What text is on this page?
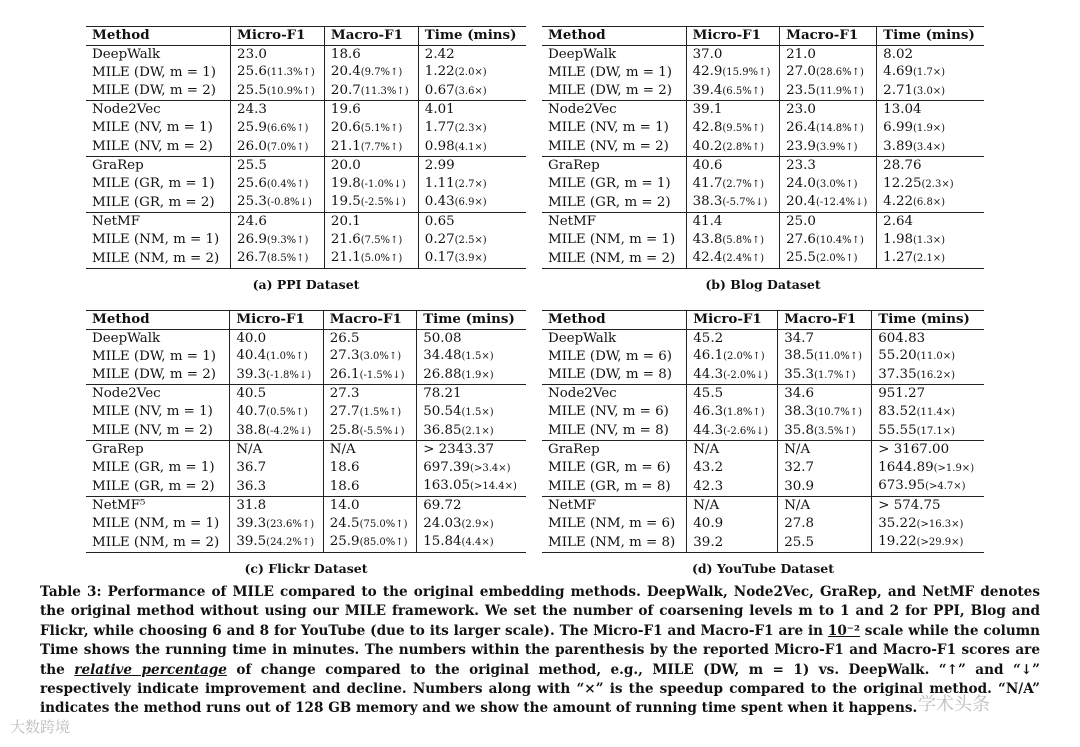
Method	Micro-F1	Macro-F1	Time (mins)
DeepWalk	23.0	18.6	2.42
MILE (DW, m = 1)	25.6(11.3%↑)	20.4(9.7%↑)	1.22(2.0×)
MILE (DW, m = 2)	25.5(10.9%↑)	20.7(11.3%↑)	0.67(3.6×)
Node2Vec	24.3	19.6	4.01
MILE (NV, m = 1)	25.9(6.6%↑)	20.6(5.1%↑)	1.77(2.3×)
MILE (NV, m = 2)	26.0(7.0%↑)	21.1(7.7%↑)	0.98(4.1×)
GraRep	25.5	20.0	2.99
MILE (GR, m = 1)	25.6(0.4%↑)	19.8(-1.0%↓)	1.11(2.7×)
MILE (GR, m = 2)	25.3(-0.8%↓)	19.5(-2.5%↓)	0.43(6.9×)
NetMF	24.6	20.1	0.65
MILE (NM, m = 1)	26.9(9.3%↑)	21.6(7.5%↑)	0.27(2.5×)
MILE (NM, m = 2)	26.7(8.5%↑)	21.1(5.0%↑)	0.17(3.9×)
(a) PPI Dataset
Method	Micro-F1	Macro-F1	Time (mins)
DeepWalk	37.0	21.0	8.02
MILE (DW, m = 1)	42.9(15.9%↑)	27.0(28.6%↑)	4.69(1.7×)
MILE (DW, m = 2)	39.4(6.5%↑)	23.5(11.9%↑)	2.71(3.0×)
Node2Vec	39.1	23.0	13.04
MILE (NV, m = 1)	42.8(9.5%↑)	26.4(14.8%↑)	6.99(1.9×)
MILE (NV, m = 2)	40.2(2.8%↑)	23.9(3.9%↑)	3.89(3.4×)
GraRep	40.6	23.3	28.76
MILE (GR, m = 1)	41.7(2.7%↑)	24.0(3.0%↑)	12.25(2.3×)
MILE (GR, m = 2)	38.3(-5.7%↓)	20.4(-12.4%↓)	4.22(6.8×)
NetMF	41.4	25.0	2.64
MILE (NM, m = 1)	43.8(5.8%↑)	27.6(10.4%↑)	1.98(1.3×)
MILE (NM, m = 2)	42.4(2.4%↑)	25.5(2.0%↑)	1.27(2.1×)
(b) Blog Dataset
Method	Micro-F1	Macro-F1	Time (mins)
DeepWalk	40.0	26.5	50.08
MILE (DW, m = 1)	40.4(1.0%↑)	27.3(3.0%↑)	34.48(1.5×)
MILE (DW, m = 2)	39.3(-1.8%↓)	26.1(-1.5%↓)	26.88(1.9×)
Node2Vec	40.5	27.3	78.21
MILE (NV, m = 1)	40.7(0.5%↑)	27.7(1.5%↑)	50.54(1.5×)
MILE (NV, m = 2)	38.8(-4.2%↓)	25.8(-5.5%↓)	36.85(2.1×)
GraRep	N/A	N/A	> 2343.37
MILE (GR, m = 1)	36.7	18.6	697.39(>3.4×)
MILE (GR, m = 2)	36.3	18.6	163.05(>14.4×)
NetMF⁵	31.8	14.0	69.72
MILE (NM, m = 1)	39.3(23.6%↑)	24.5(75.0%↑)	24.03(2.9×)
MILE (NM, m = 2)	39.5(24.2%↑)	25.9(85.0%↑)	15.84(4.4×)
(c) Flickr Dataset
Method	Micro-F1	Macro-F1	Time (mins)
DeepWalk	45.2	34.7	604.83
MILE (DW, m = 6)	46.1(2.0%↑)	38.5(11.0%↑)	55.20(11.0×)
MILE (DW, m = 8)	44.3(-2.0%↓)	35.3(1.7%↑)	37.35(16.2×)
Node2Vec	45.5	34.6	951.27
MILE (NV, m = 6)	46.3(1.8%↑)	38.3(10.7%↑)	83.52(11.4×)
MILE (NV, m = 8)	44.3(-2.6%↓)	35.8(3.5%↑)	55.55(17.1×)
GraRep	N/A	N/A	> 3167.00
MILE (GR, m = 6)	43.2	32.7	1644.89(>1.9×)
MILE (GR, m = 8)	42.3	30.9	673.95(>4.7×)
NetMF	N/A	N/A	> 574.75
MILE (NM, m = 6)	40.9	27.8	35.22(>16.3×)
MILE (NM, m = 8)	39.2	25.5	19.22(>29.9×)
(d) YouTube Dataset
Table 3: Performance of MILE compared to the original embedding methods. DeepWalk, Node2Vec, GraRep, and NetMF denotes the original method without using our MILE framework. We set the number of coarsening levels m to 1 and 2 for PPI, Blog and Flickr, while choosing 6 and 8 for YouTube (due to its larger scale). The Micro-F1 and Macro-F1 are in 10⁻² scale while the column Time shows the running time in minutes. The numbers within the parenthesis by the reported Micro-F1 and Macro-F1 scores are the relative percentage of change compared to the original method, e.g., MILE (DW, m = 1) vs. DeepWalk. “↑” and “↓” respectively indicate improvement and decline. Numbers along with “×” is the speedup compared to the original method. “N/A” indicates the method runs out of 128 GB memory and we show the amount of running time spent when it happens.
大数跨境
学术头条
